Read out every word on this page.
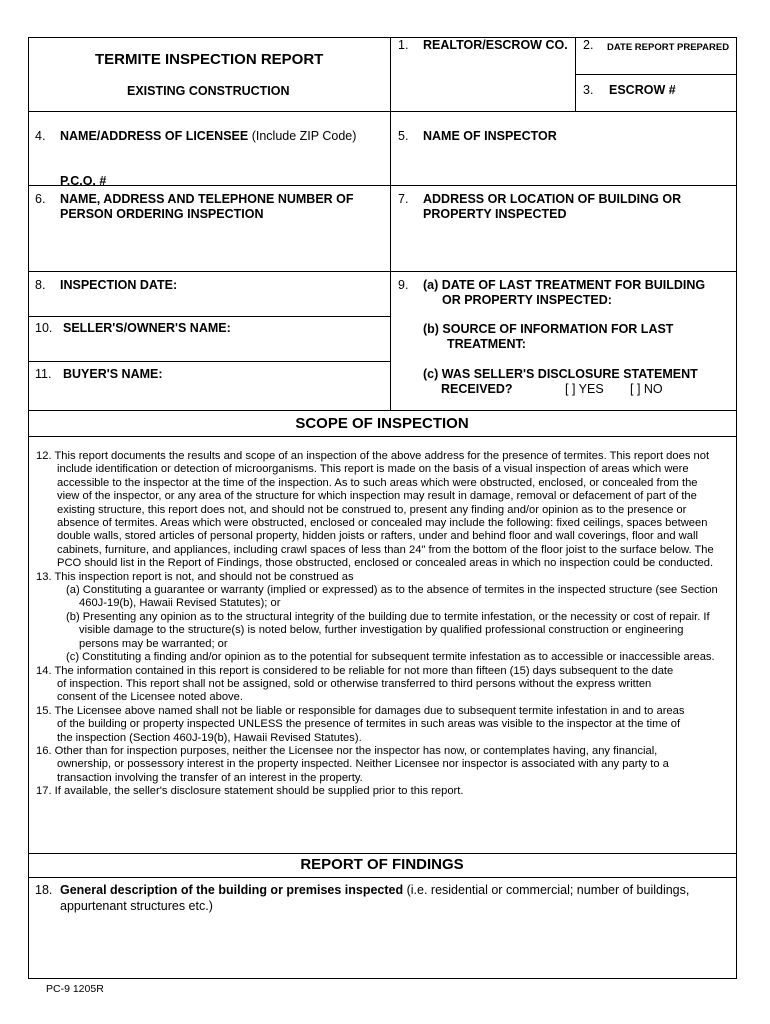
TERMITE INSPECTION REPORT
EXISTING CONSTRUCTION
1. REALTOR/ESCROW CO. 2. DATE REPORT PREPARED
3. ESCROW #
4. NAME/ADDRESS OF LICENSEE (Include ZIP Code)
P.C.O. #
5. NAME OF INSPECTOR
6. NAME, ADDRESS AND TELEPHONE NUMBER OF
PERSON ORDERING INSPECTION
7. ADDRESS OR LOCATION OF BUILDING OR
PROPERTY INSPECTED
8. INSPECTION DATE:	9. (a) DATE OF LAST TREATMENT FOR BUILDING
OR PROPERTY INSPECTED:
(b) SOURCE OF INFORMATION FOR LAST
TREATMENT:
(c) WAS SELLER'S DISCLOSURE STATEMENT
RECEIVED?	[ ] YES [ ] NO
10. SELLER'S/OWNER'S NAME:
11. BUYER'S NAME:
SCOPE OF INSPECTION

12. This report documents the results and scope of an inspection of the above address for the presence of termites. This report does not

include identification or detection of microorganisms. This report is made on the basis of a visual inspection of areas which were

accessible to the inspector at the time of the inspection. As to such areas which were obstructed, enclosed, or concealed from the

view of the inspector, or any area of the structure for which inspection may result in damage, removal or defacement of part of the

existing structure, this report does not, and should not be construed to, present any finding and/or opinion as to the presence or

absence of termites. Areas which were obstructed, enclosed or concealed may include the following: fixed ceilings, spaces between

double walls, stored articles of personal property, hidden joists or rafters, under and behind floor and wall coverings, floor and wall

cabinets, furniture, and appliances, including crawl spaces of less than 24" from the bottom of the floor joist to the surface below. The

PCO should list in the Report of Findings, those obstructed, enclosed or concealed areas in which no inspection could be conducted.

13. This inspection report is not, and should not be construed as

(a) Constituting a guarantee or warranty (implied or expressed) as to the absence of termites in the inspected structure (see Section

460J-19(b), Hawaii Revised Statutes); or

(b) Presenting any opinion as to the structural integrity of the building due to termite infestation, or the necessity or cost of repair. If

visible damage to the structure(s) is noted below, further investigation by qualified professional construction or engineering

persons may be warranted; or

(c) Constituting a finding and/or opinion as to the potential for subsequent termite infestation as to accessible or inaccessible areas.

14. The information contained in this report is considered to be reliable for not more than fifteen (15) days subsequent to the date

of inspection. This report shall not be assigned, sold or otherwise transferred to third persons without the express written

consent of the Licensee noted above.

15. The Licensee above named shall not be liable or responsible for damages due to subsequent termite infestation in and to areas

of the building or property inspected UNLESS the presence of termites in such areas was visible to the inspector at the time of

the inspection (Section 460J-19(b), Hawaii Revised Statutes).

16. Other than for inspection purposes, neither the Licensee nor the inspector has now, or contemplates having, any financial,

ownership, or possessory interest in the property inspected. Neither Licensee nor inspector is associated with any party to a

transaction involving the transfer of an interest in the property.

17. If available, the seller's disclosure statement should be supplied prior to this report.

REPORT OF FINDINGS
18. General description of the building or premises inspected (i.e. residential or commercial; number of buildings,
appurtenant structures etc.)
PC-9 1205R
